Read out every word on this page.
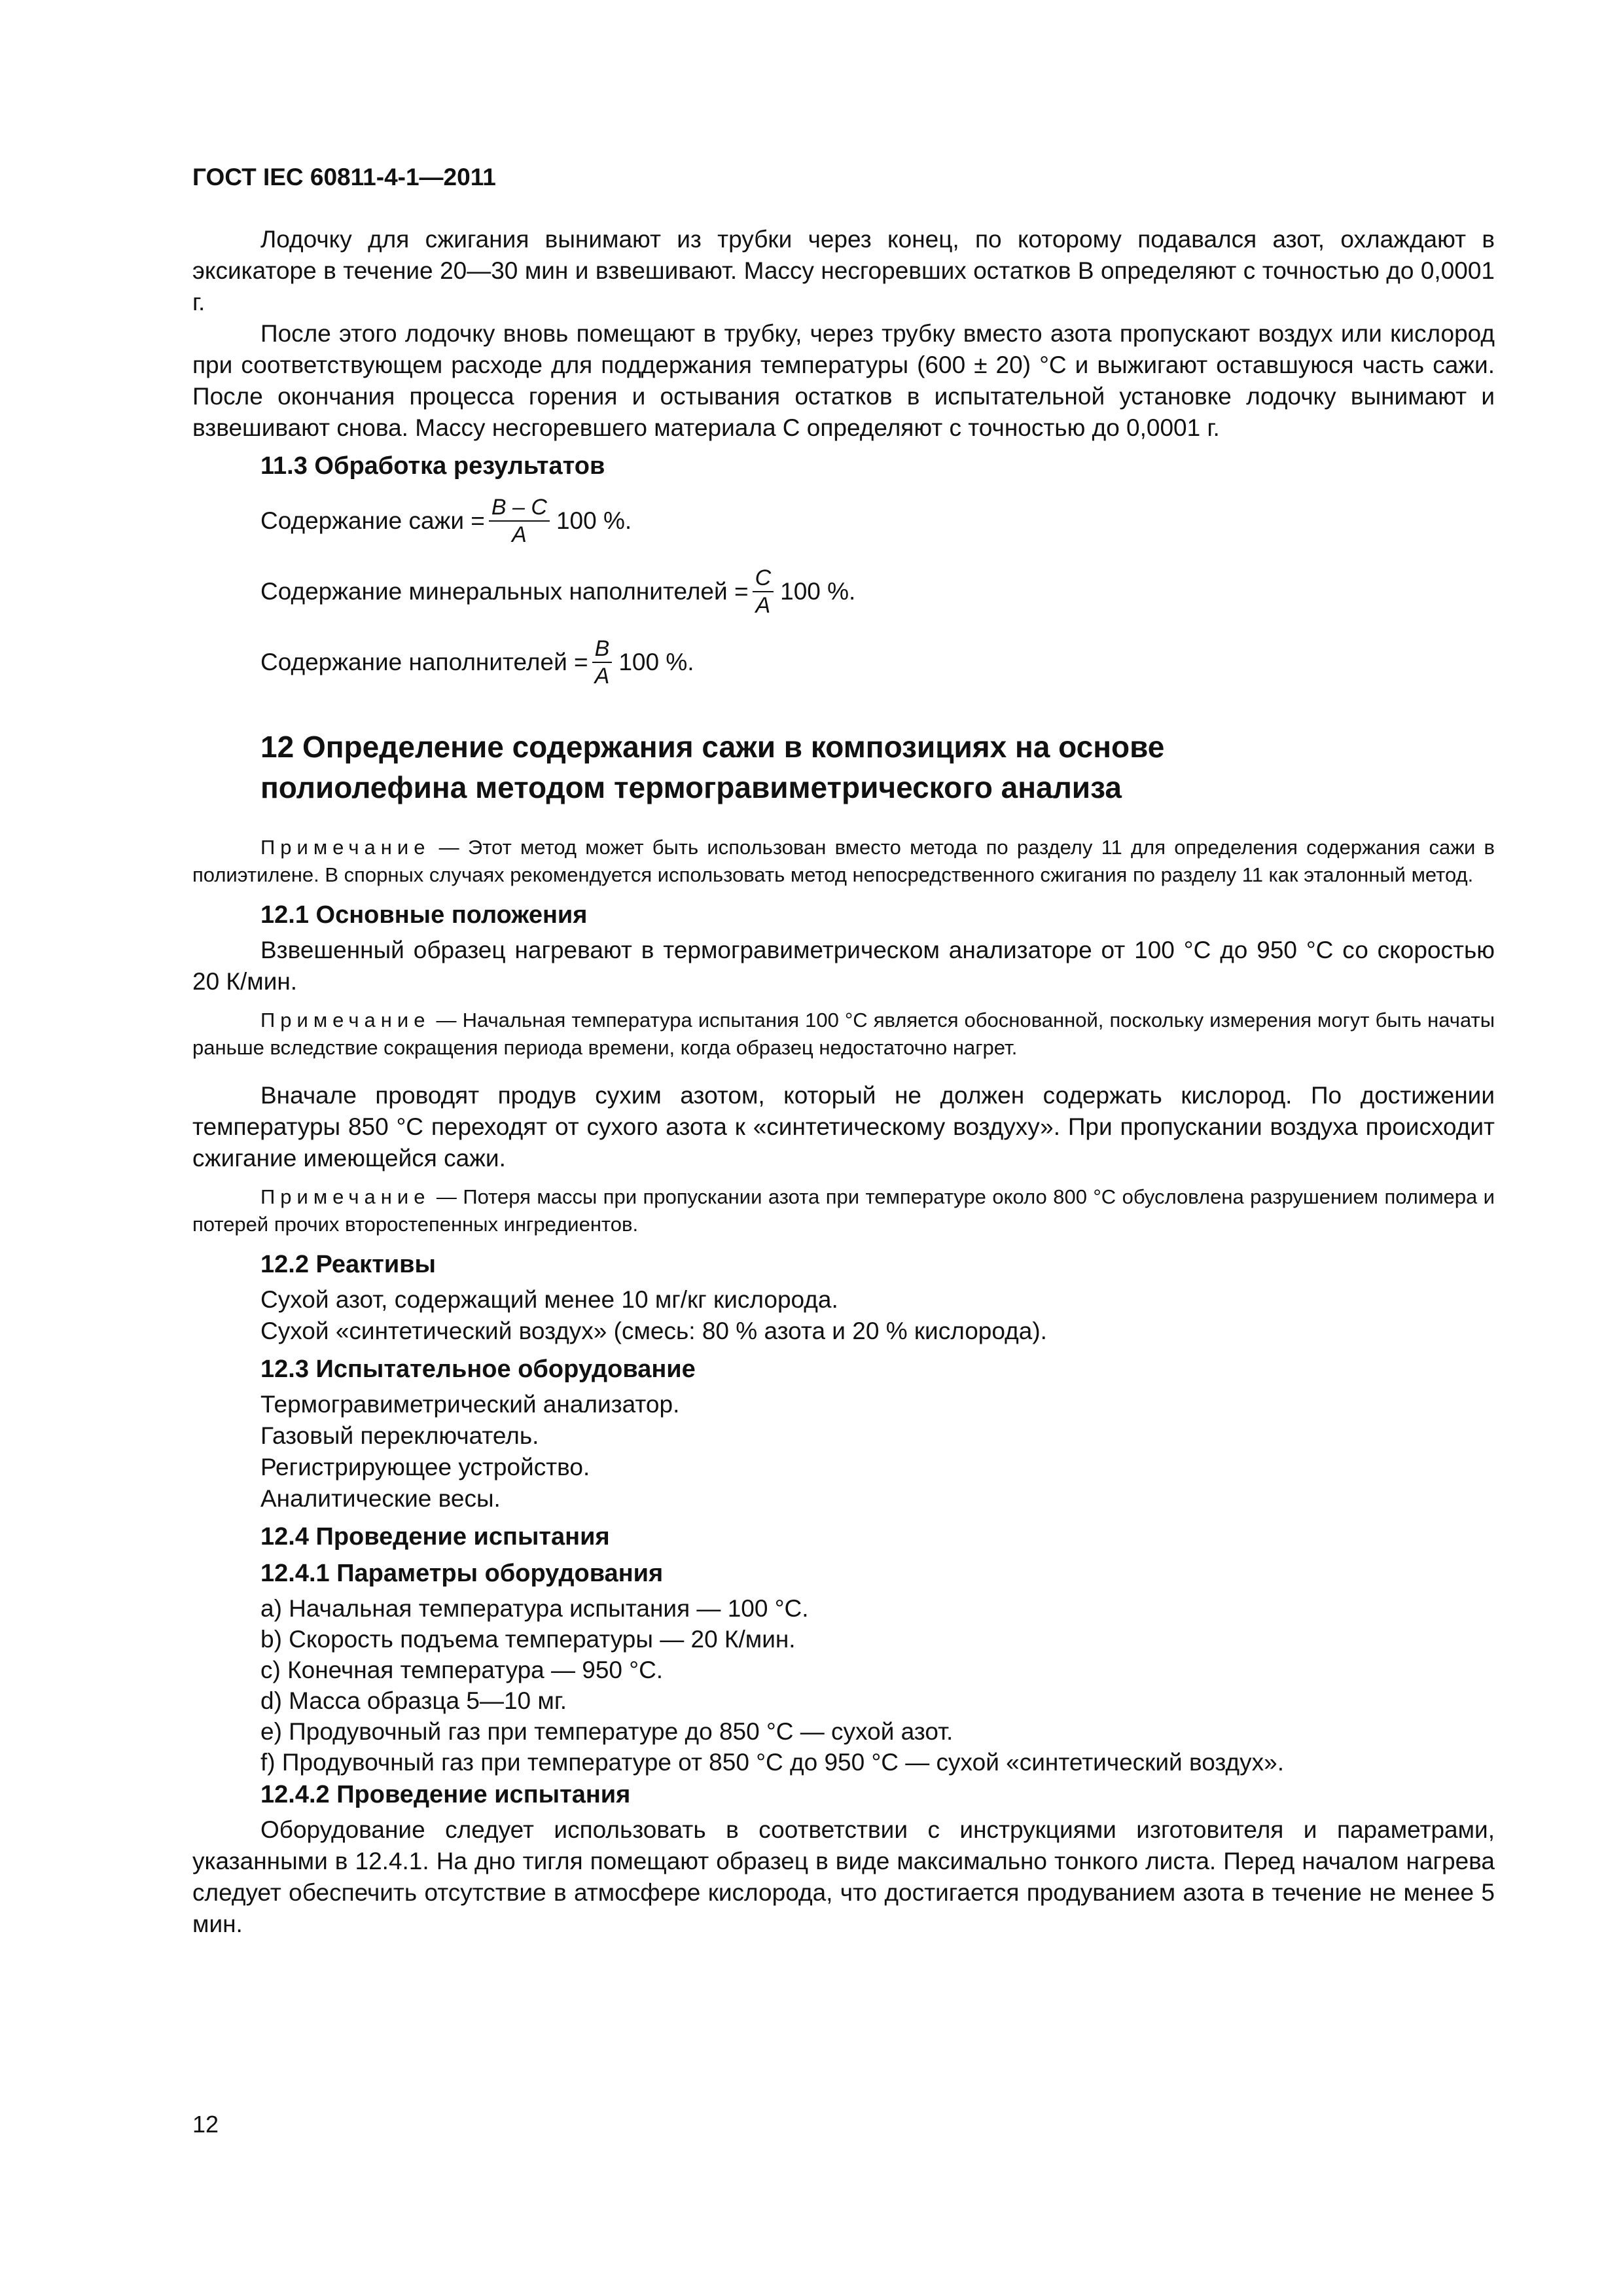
ГОСТ IEC 60811-4-1—2011

Лодочку для сжигания вынимают из трубки через конец, по которому подавался азот, охлаждают в эксикаторе в течение 20—30 мин и взвешивают. Массу несгоревших остатков B определяют с точностью до 0,0001 г.

После этого лодочку вновь помещают в трубку, через трубку вместо азота пропускают воздух или кислород при соответствующем расходе для поддержания температуры (600 ± 20) °С и выжигают оставшуюся часть сажи. После окончания процесса горения и остывания остатков в испытательной установке лодочку вынимают и взвешивают снова. Массу несгоревшего материала С определяют с точностью до 0,0001 г.

11.3 Обработка результатов
Содержание сажи = $\frac{B - C}{A} 100$ %.
Содержание минеральных наполнителей = $\frac{C}{A} 100$ %.
Содержание наполнителей = $\frac{B}{A} 100$ %.
12 Определение содержания сажи в композициях на основе
полиолефина методом термогравиметрического анализа

Примечание — Этот метод может быть использован вместо метода по разделу 11 для определения содержания сажи в полиэтилене. В спорных случаях рекомендуется использовать метод непосредственного сжигания по разделу 11 как эталонный метод.

12.1 Основные положения

Взвешенный образец нагревают в термогравиметрическом анализаторе от 100 °С до 950 °С со скоростью 20 К/мин.

Примечание — Начальная температура испытания 100 °С является обоснованной, поскольку измерения могут быть начаты раньше вследствие сокращения периода времени, когда образец недостаточно нагрет.

Вначале проводят продув сухим азотом, который не должен содержать кислород. По достижении температуры 850 °С переходят от сухого азота к «синтетическому воздуху». При пропускании воздуха происходит сжигание имеющейся сажи.

Примечание — Потеря массы при пропускании азота при температуре около 800 °С обусловлена разрушением полимера и потерей прочих второстепенных ингредиентов.

12.2 Реактивы
Сухой азот, содержащий менее 10 мг/кг кислорода.
Сухой «синтетический воздух» (смесь: 80 % азота и 20 % кислорода).
12.3 Испытательное оборудование
Термогравиметрический анализатор.
Газовый переключатель.
Регистрирующее устройство.
Аналитические весы.
12.4 Проведение испытания
12.4.1 Параметры оборудования
a) Начальная температура испытания — 100 °С.
b) Скорость подъема температуры — 20 К/мин.
c) Конечная температура — 950 °С.
d) Масса образца 5—10 мг.
e) Продувочный газ при температуре до 850 °С — сухой азот.
f) Продувочный газ при температуре от 850 °С до 950 °С — сухой «синтетический воздух».
12.4.2 Проведение испытания

Оборудование следует использовать в соответствии с инструкциями изготовителя и параметрами, указанными в 12.4.1. На дно тигля помещают образец в виде максимально тонкого листа. Перед началом нагрева следует обеспечить отсутствие в атмосфере кислорода, что достигается продуванием азота в течение не менее 5 мин.

12
